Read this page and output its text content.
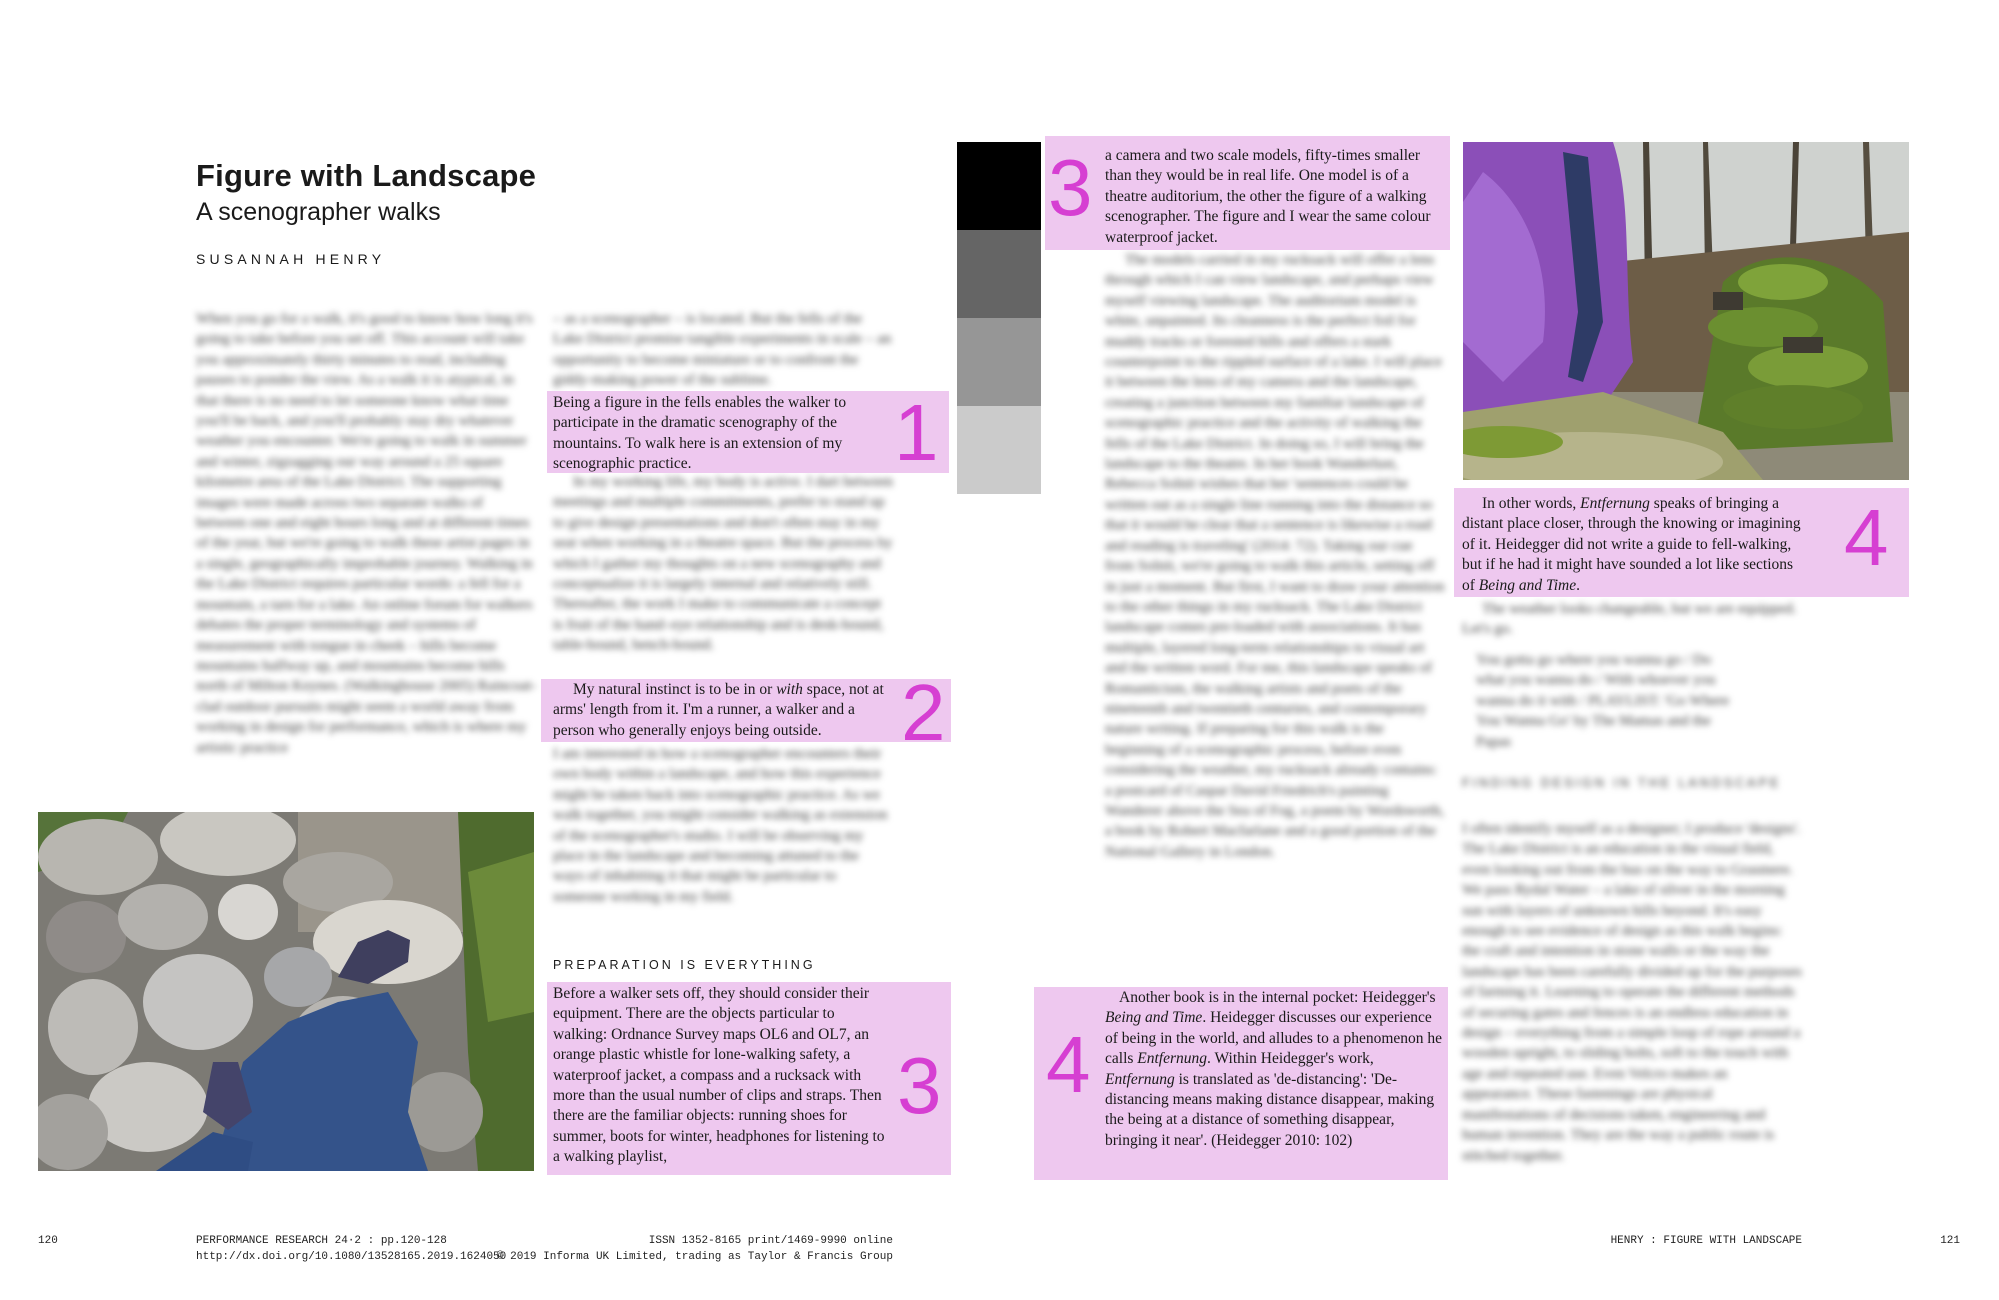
Figure with Landscape
A scenographer walks
SUSANNAH HENRY

When you go for a walk, it's good to know how long it's going to take before you set off. This account will take you approximately thirty minutes to read, including pauses to ponder the view. As a walk it is atypical, in that there is no need to let someone know what time you'll be back, and you'll probably stay dry whatever weather you encounter. We're going to walk in summer and winter, zigzagging our way around a 25 square kilometre area of the Lake District. The supporting images were made across two separate walks of between one and eight hours long and at different times of the year, but we're going to walk these artist pages in a single, geographically improbable journey. Walking in the Lake District requires particular words: a fell for a mountain, a tarn for a lake. An online forum for walkers debates the proper terminology and systems of measurement with tongue in cheek – hills become mountains halfway up, and mountains become hills north of Milton Keynes. (Walkinghouse 2005) Raincoat-clad outdoor pursuits might seem a world away from working in design for performance, which is where my artistic practice

– as a scenographer – is located. But the fells of the Lake District promise tangible experiments in scale – an opportunity to become miniature or to confront the giddy-making power of the sublime.

In my working life, my body is active. I dart between meetings and multiple commitments, prefer to stand up to give design presentations and don't often stay in my seat when working in a theatre space. But the process by which I gather my thoughts on a new scenography and conceptualize it is largely internal and relatively still. Thereafter, the work I make to communicate a concept is fruit of the hand–eye relationship and is desk-bound, table-bound, bench-bound.

I am interested in how a scenographer encounters their own body within a landscape, and how this experience might be taken back into scenographic practice. As we walk together, you might consider walking as extension of the scenographer's studio. I will be observing my place in the landscape and becoming attuned to the ways of inhabiting it that might be particular to someone working in my field.

The models carried in my rucksack will offer a lens through which I can view landscape, and perhaps view myself viewing landscape. The auditorium model is white, unpainted. Its cleanness is the perfect foil for muddy tracks or forested hills and offers a stark counterpoint to the rippled surface of a lake. I will place it between the lens of my camera and the landscape, creating a junction between my familiar landscape of scenographic practice and the activity of walking the fells of the Lake District. In doing so, I will bring the landscape to the theatre. In her book Wanderlust, Rebecca Solnit wishes that her 'sentences could be written out as a single line running into the distance so that it would be clear that a sentence is likewise a road and reading is traveling' (2014: 72). Taking our cue from Solnit, we're going to walk this article, setting off in just a moment. But first, I want to draw your attention to the other things in my rucksack. The Lake District landscape comes pre-loaded with associations. It has multiple, layered long-term relationships to visual art and the written word. For me, this landscape speaks of Romanticism, the walking artists and poets of the nineteenth and twentieth centuries, and contemporary nature writing. If preparing for this walk is the beginning of a scenographic process, before even considering the weather, my rucksack already contains: a postcard of Caspar David Friedrich's painting Wanderer above the Sea of Fog, a poem by Wordsworth, a book by Robert Macfarlane and a good portion of the National Gallery in London.

The weather looks changeable, but we are equipped. Let's go.

You gotta go where you wanna go / Do what you wanna do / With whoever you wanna do it with / PLAYLIST: 'Go Where You Wanna Go' by The Mamas and the Papas

FINDING DESIGN IN THE LANDSCAPE

I often identify myself as a designer; I produce 'designs'. The Lake District is an education in the visual field, even looking out from the bus on the way to Grasmere. We pass Rydal Water – a lake of silver in the morning sun with layers of unknown hills beyond. It's easy enough to see evidence of design as this walk begins: the craft and intention in stone walls or the way the landscape has been carefully divided up for the purposes of farming it. Learning to operate the different methods of securing gates and fences is an endless education in design – everything from a simple loop of rope around a wooden upright, to sliding bolts, soft to the touch with age and repeated use. Even Velcro makes an appearance. These fastenings are physical manifestations of decisions taken, engineering and human invention. They are the way a public route is stitched together.

Being a figure in the fells enables the walker to participate in the dramatic scenography of the mountains. To walk here is an extension of my scenographic practice.	1
My natural instinct is to be in or with space, not at arms' length from it. I'm a runner, a walker and a person who generally enjoys being outside. 2
PREPARATION IS EVERYTHING
Before a walker sets off, they should consider their equipment. There are the objects particular to walking: Ordnance Survey maps OL6 and OL7, an orange plastic whistle for lone-walking safety, a waterproof jacket, a compass and a rucksack with more than the usual number of clips and straps. Then there are the familiar objects: running shoes for summer, boots for winter, headphones for listening to a walking playlist,
3
3 a camera and two scale models, fifty-times smaller than they would be in real life. One model is of a theatre auditorium, the other the figure of a walking scenographer. The figure and I wear the same colour waterproof jacket.
4
Another book is in the internal pocket: Heidegger's Being and Time. Heidegger discusses our experience of being in the world, and alludes to a phenomenon he calls Entfernung. Within Heidegger's work, Entfernung is translated as 'de-distancing': 'De-distancing means making distance disappear, making the being at a distance of something disappear, bringing it near'. (Heidegger 2010: 102)
In other words, Entfernung speaks of bringing a distant place closer, through the knowing or imagining of it. Heidegger did not write a guide to fell-walking, but if he had it might have sounded a lot like sections of Being and Time.
4
120	PERFORMANCE RESEARCH 24·2 : pp.120-128
http://dx.doi.org/10.1080/13528165.2019.1624050
ISSN 1352-8165 print/1469-9990 online
© 2019 Informa UK Limited, trading as Taylor & Francis Group
HENRY : FIGURE WITH LANDSCAPE	121
